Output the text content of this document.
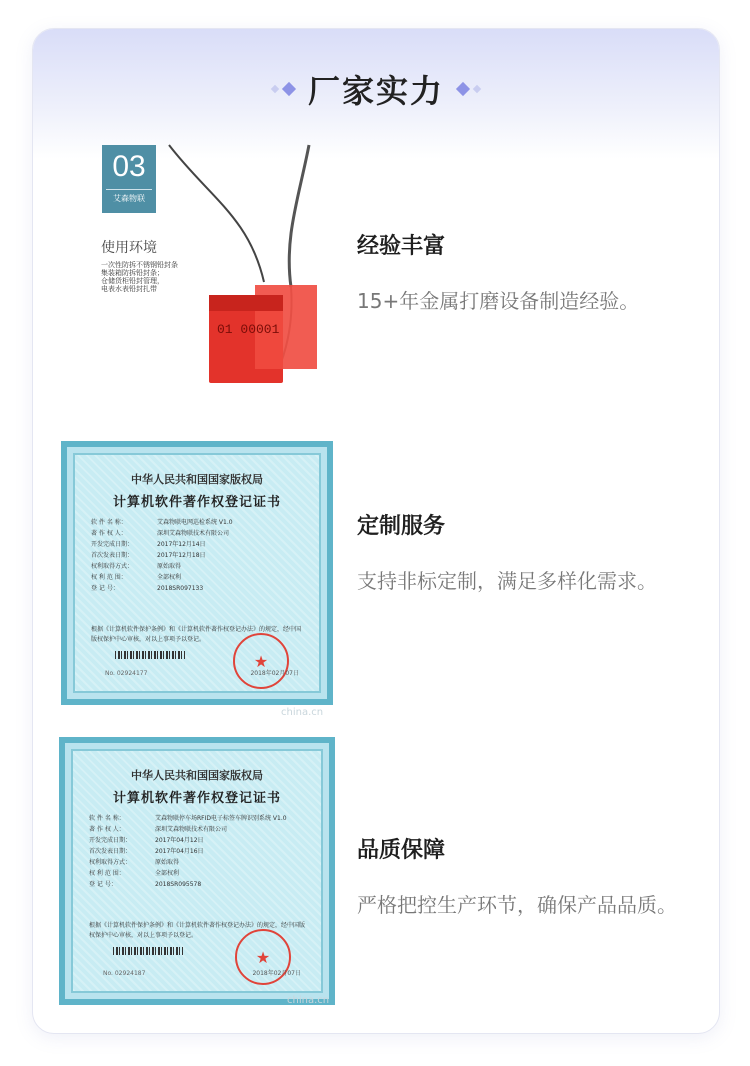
厂家实力
03
艾森物联
使用环境
一次性防拆不锈钢铅封条
集装箱防拆铅封条；
仓储货柜铅封管理，
电表水表铅封扎带
01 00001
经验丰富
15+年金属打磨设备制造经验。
中华人民共和国国家版权局
计算机软件著作权登记证书
软 件 名 称：	艾森物联电网巡检系统 V1.0
著 作 权 人：	深圳艾森物联技术有限公司
开发完成日期：	2017年12月14日
首次发表日期：	2017年12月18日
权利取得方式：	原始取得
权 利 范 围：	全部权利
登 记 号：	2018SR097133
根据《计算机软件保护条例》和《计算机软件著作权登记办法》的规定，经中国版权保护中心审核，对以上事项予以登记。
★
No. 02924177	2018年02月07日
china.cn
定制服务
支持非标定制，满足多样化需求。
中华人民共和国国家版权局
计算机软件著作权登记证书
软 件 名 称：	艾森物联停车场RFID电子标签车牌识别系统 V1.0
著 作 权 人：	深圳艾森物联技术有限公司
开发完成日期：	2017年04月12日
首次发表日期：	2017年04月16日
权利取得方式：	原始取得
权 利 范 围：	全部权利
登 记 号：	2018SR095578
根据《计算机软件保护条例》和《计算机软件著作权登记办法》的规定，经中国版权保护中心审核，对以上事项予以登记。
★
No. 02924187	2018年02月07日
china.cn
品质保障
严格把控生产环节，确保产品品质。
